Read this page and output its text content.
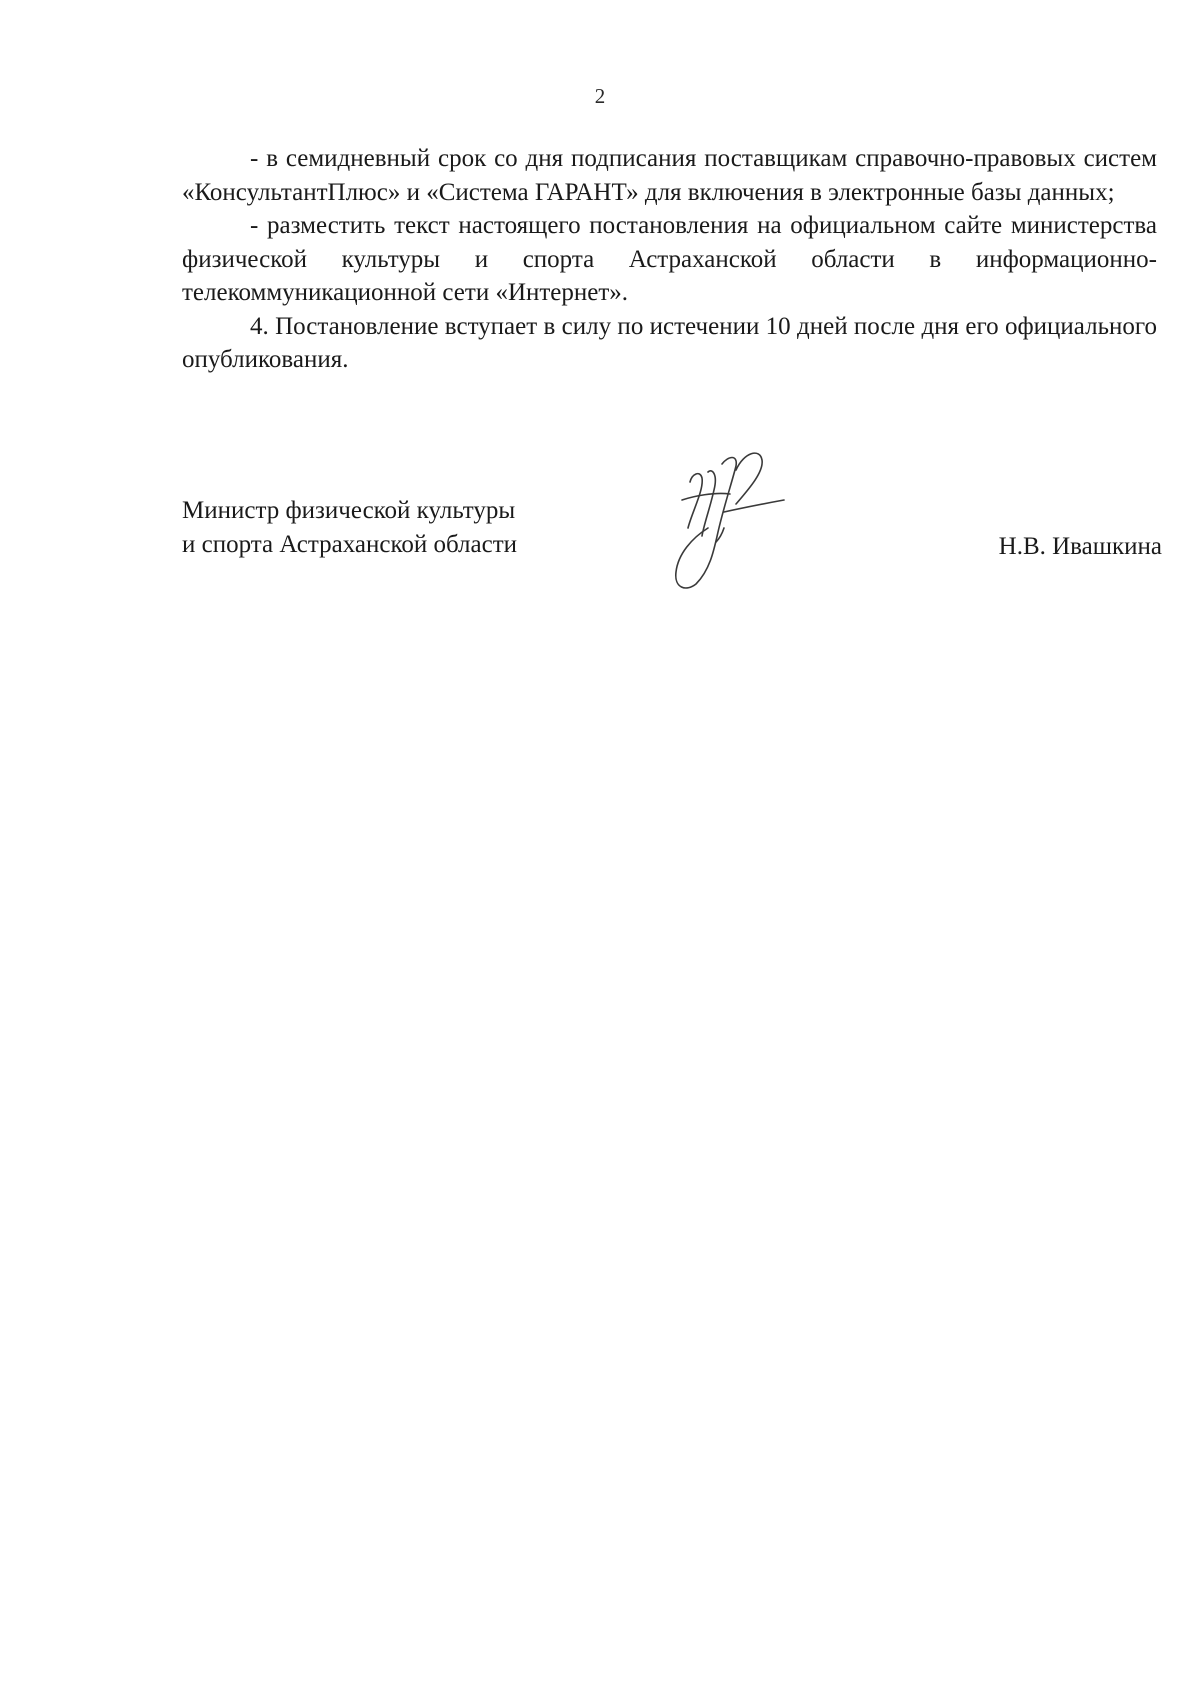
2

- в семидневный срок со дня подписания поставщикам справочно-правовых систем «КонсультантПлюс» и «Система ГАРАНТ» для включения в электронные базы данных;

- разместить текст настоящего постановления на официальном сайте министерства физической культуры и спорта Астраханской области в информационно-телекоммуникационной сети «Интернет».

4. Постановление вступает в силу по истечении 10 дней после дня его официального опубликования.

Министр физической культуры
и спорта Астраханской области	Н.В. Ивашкина
